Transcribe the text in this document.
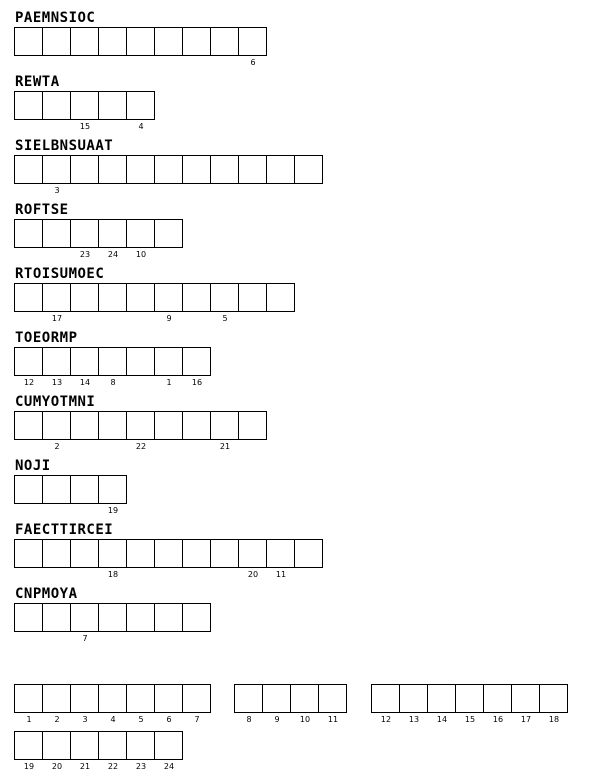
PAEMNSIOC
6
REWTA
15	4
SIELBNSUAAT
3
ROFTSE
23	24	10
RTOISUMOEC
17	9	5
TOEORMP
12	13	14	8	1	16
CUMYOTMNI
2	22	21
NOJI
19
FAECTTIRCEI
18	20	11
CNPMOYA
7
1	2	3	4	5	6	7	8	9	10	11	12	13	14	15	16	17	18
19	20	21	22	23	24
